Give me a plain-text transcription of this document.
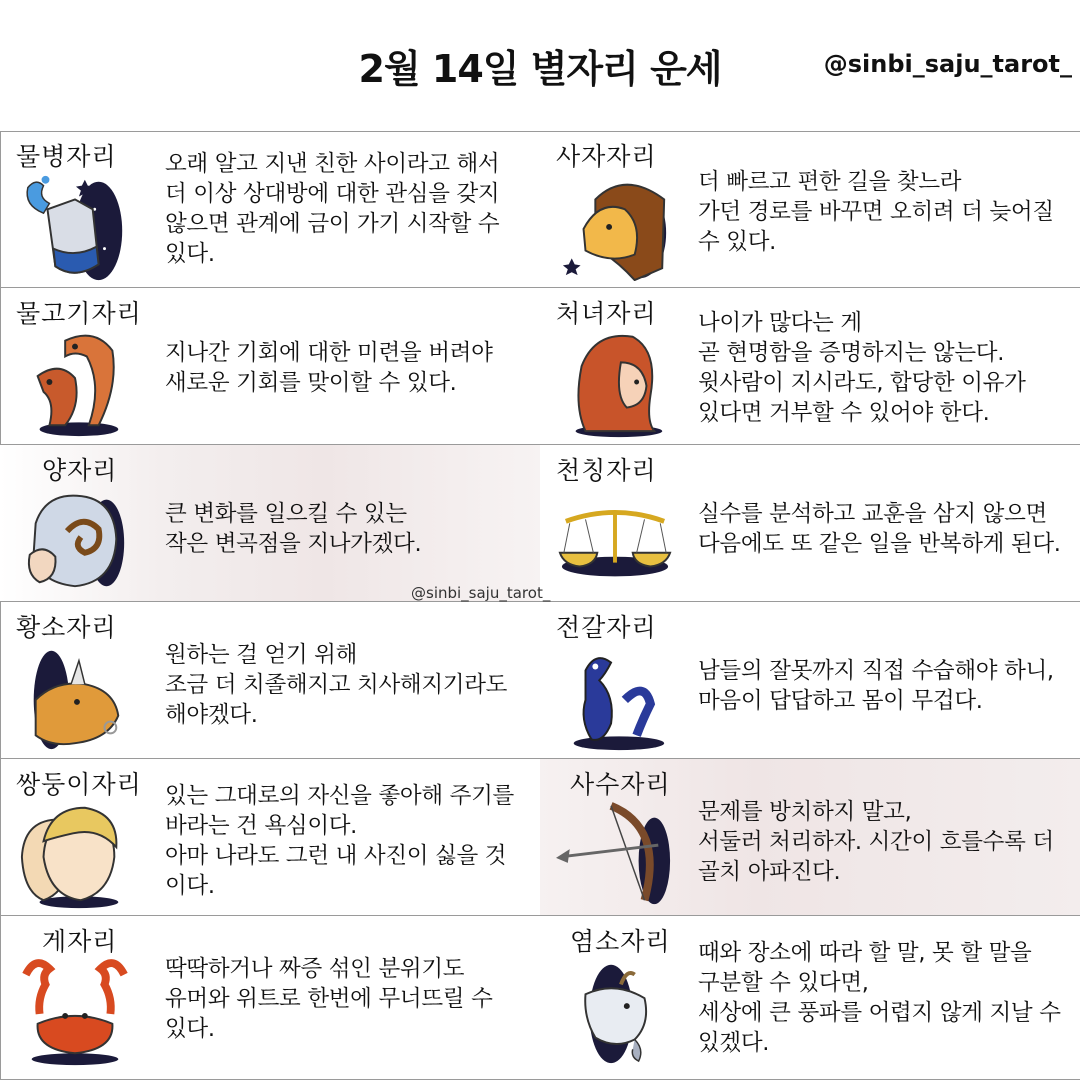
2월 14일 별자리 운세	@sinbi_saju_tarot_
물병자리 오래 알고 지낸 친한 사이라고 해서
더 이상 상대방에 대한 관심을 갖지
않으면 관계에 금이 가기 시작할 수
있다.
사자자리
더 빠르고 편한 길을 찾느라
가던 경로를 바꾸면 오히려 더 늦어질
수 있다.
물고기자리
지나간 기회에 대한 미련을 버려야
새로운 기회를 맞이할 수 있다.
처녀자리 나이가 많다는 게
곧 현명함을 증명하지는 않는다.
윗사람이 지시라도, 합당한 이유가
있다면 거부할 수 있어야 한다.
양자리
큰 변화를 일으킬 수 있는
작은 변곡점을 지나가겠다.
천칭자리
실수를 분석하고 교훈을 삼지 않으면
다음에도 또 같은 일을 반복하게 된다.
@sinbi_saju_tarot_
황소자리
원하는 걸 얻기 위해
조금 더 치졸해지고 치사해지기라도
해야겠다.
전갈자리
남들의 잘못까지 직접 수습해야 하니,
마음이 답답하고 몸이 무겁다.
쌍둥이자리 있는 그대로의 자신을 좋아해 주기를
바라는 건 욕심이다.
아마 나라도 그런 내 사진이 싫을 것
이다.
사수자리
문제를 방치하지 말고,
서둘러 처리하자. 시간이 흐를수록 더
골치 아파진다.
게자리
딱딱하거나 짜증 섞인 분위기도
유머와 위트로 한번에 무너뜨릴 수
있다.
염소자리 때와 장소에 따라 할 말, 못 할 말을
구분할 수 있다면,
세상에 큰 풍파를 어렵지 않게 지날 수
있겠다.
